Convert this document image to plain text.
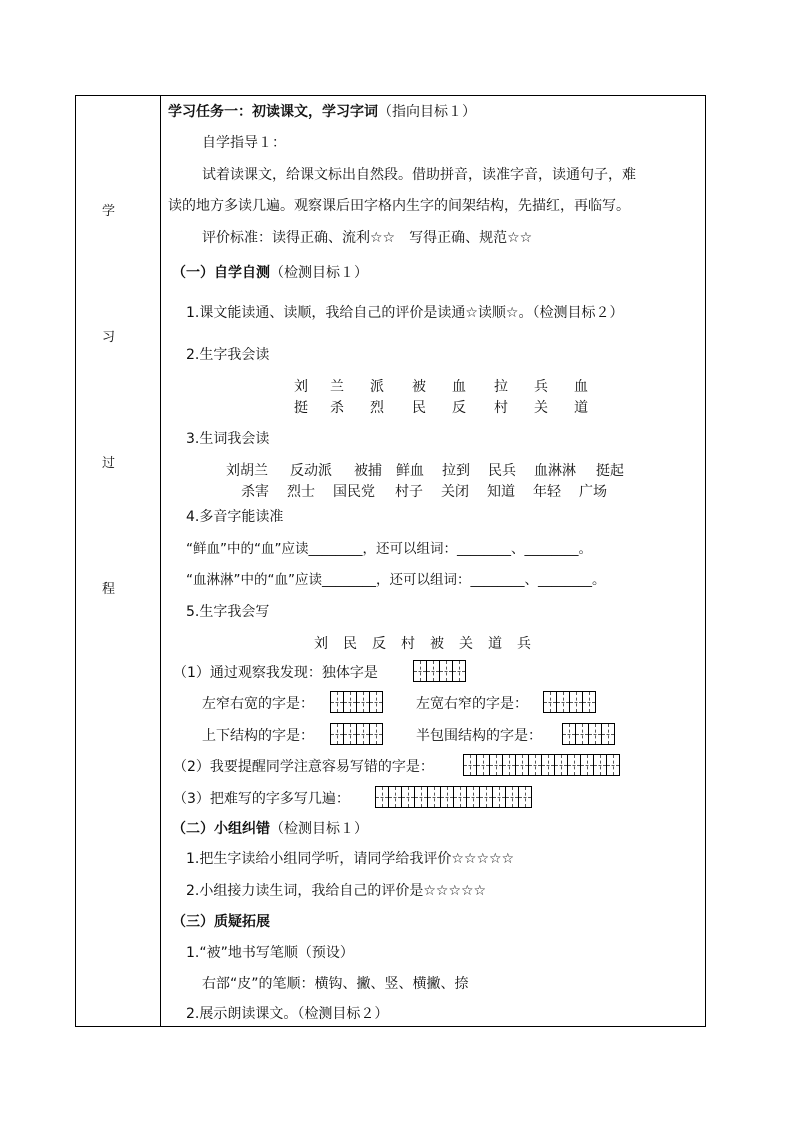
学
习
过
程
学习任务一：初读课文，学习字词（指向目标１）
自学指导１：
试着读课文，给课文标出自然段。借助拼音，读准字音，读通句子，难
读的地方多读几遍。观察课后田字格内生字的间架结构，先描红，再临写。
评价标准：读得正确、流利☆☆　写得正确、规范☆☆
（一）自学自测（检测目标１）
1.课文能读通、读顺，我给自己的评价是读通☆读顺☆。（检测目标２）
2.生字我会读
刘	兰	派	被	血	拉	兵	血
挺	杀	烈	民	反	村	关	道
3.生词我会读
刘胡兰	反动派	被捕	鲜血	拉到	民兵	血淋淋	挺起
杀害	烈士	国民党	村子	关闭	知道	年轻	广场
4.多音字能读准
“鲜血”中的“血”应读________，还可以组词：________、________。
“血淋淋”中的“血”应读________，还可以组词：________、________。
5.生字我会写
刘	民	反	村	被	关	道	兵
（1）通过观察我发现：独体字是
左窄右宽的字是：	左宽右窄的字是：
上下结构的字是：	半包围结构的字是：
（2）我要提醒同学注意容易写错的字是：
（3）把难写的字多写几遍：
（二）小组纠错（检测目标１）
1.把生字读给小组同学听，请同学给我评价☆☆☆☆☆
2.小组接力读生词，我给自己的评价是☆☆☆☆☆
（三）质疑拓展
1.“被”地书写笔顺（预设）
右部“皮”的笔顺：横钩、撇、竖、横撇、捺
2.展示朗读课文。（检测目标２）
